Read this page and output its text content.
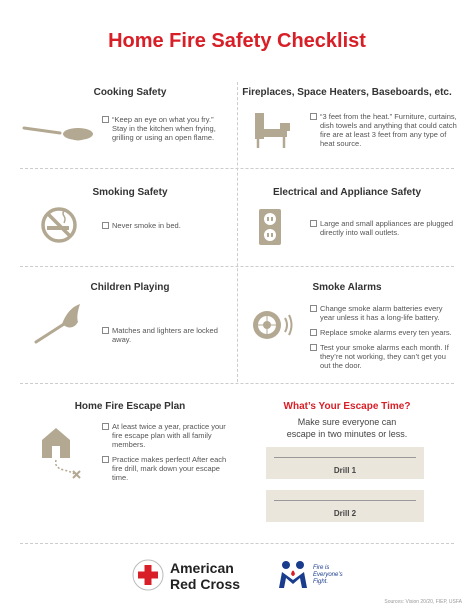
Home Fire Safety Checklist
Cooking Safety
“Keep an eye on what you fry.” Stay in the kitchen when frying, grilling or using an open flame.
Fireplaces, Space Heaters, Baseboards, etc.
“3 feet from the heat.” Furniture, curtains, dish towels and anything that could catch fire are at least 3 feet from any type of heat source.
Smoking Safety
Never smoke in bed.
Electrical and Appliance Safety
Large and small appliances are plugged directly into wall outlets.
Children Playing
Matches and lighters are locked away.
Smoke Alarms
Change smoke alarm batteries every year unless it has a long-life battery.
Replace smoke alarms every ten years.
Test your smoke alarms each month. If they’re not working, they can’t get you out the door.
Home Fire Escape Plan
At least twice a year, practice your fire escape plan with all family members.
Practice makes perfect! After each fire drill, mark down your escape time.
What’s Your Escape Time?
Make sure everyone can
escape in two minutes or less.
Drill 1
Drill 2
American
Red Cross
Fire is
Everyone’s
Fight.
Sources: Vision 20/20, FIEP, USFA
